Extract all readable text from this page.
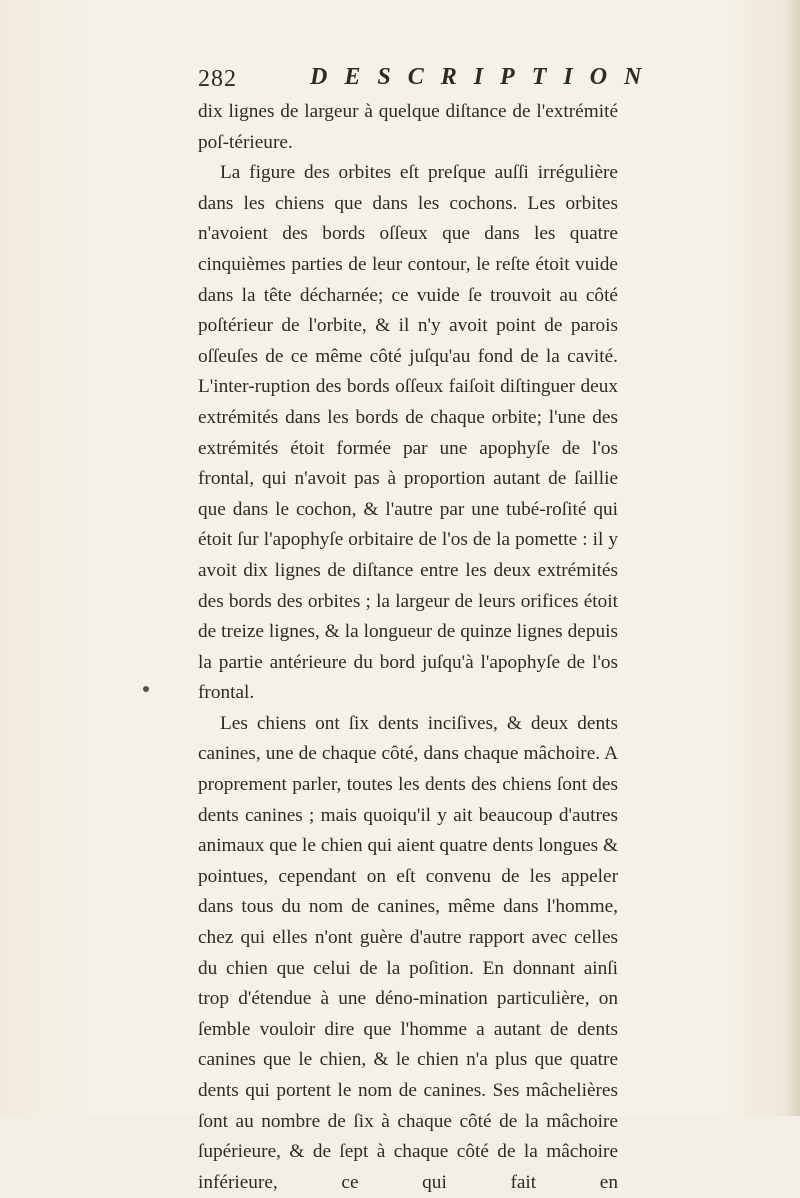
282	DESCRIPTION

dix lignes de largeur à quelque diſtance de l'extrémité poſ-térieure.

La figure des orbites eſt preſque auſſi irrégulière dans les chiens que dans les cochons. Les orbites n'avoient des bords oſſeux que dans les quatre cinquièmes parties de leur contour, le reſte étoit vuide dans la tête décharnée; ce vuide ſe trouvoit au côté poſtérieur de l'orbite, & il n'y avoit point de parois oſſeuſes de ce même côté juſqu'au fond de la cavité. L'inter-ruption des bords oſſeux faiſoit diſtinguer deux extrémités dans les bords de chaque orbite; l'une des extrémités étoit formée par une apophyſe de l'os frontal, qui n'avoit pas à proportion autant de ſaillie que dans le cochon, & l'autre par une tubé-roſité qui étoit ſur l'apophyſe orbitaire de l'os de la pomette : il y avoit dix lignes de diſtance entre les deux extrémités des bords des orbites ; la largeur de leurs orifices étoit de treize lignes, & la longueur de quinze lignes depuis la partie antérieure du bord juſqu'à l'apophyſe de l'os frontal.

Les chiens ont ſix dents inciſives, & deux dents canines, une de chaque côté, dans chaque mâchoire. A proprement parler, toutes les dents des chiens ſont des dents canines ; mais quoiqu'il y ait beaucoup d'autres animaux que le chien qui aient quatre dents longues & pointues, cependant on eſt convenu de les appeler dans tous du nom de canines, même dans l'homme, chez qui elles n'ont guère d'autre rapport avec celles du chien que celui de la poſition. En donnant ainſi trop d'étendue à une déno-mination particulière, on ſemble vouloir dire que l'homme a autant de dents canines que le chien, & le chien n'a plus que quatre dents qui portent le nom de canines. Ses mâchelières ſont au nombre de ſix à chaque côté de la mâchoire ſupérieure, & de ſept à chaque côté de la mâchoire inférieure, ce qui fait en
